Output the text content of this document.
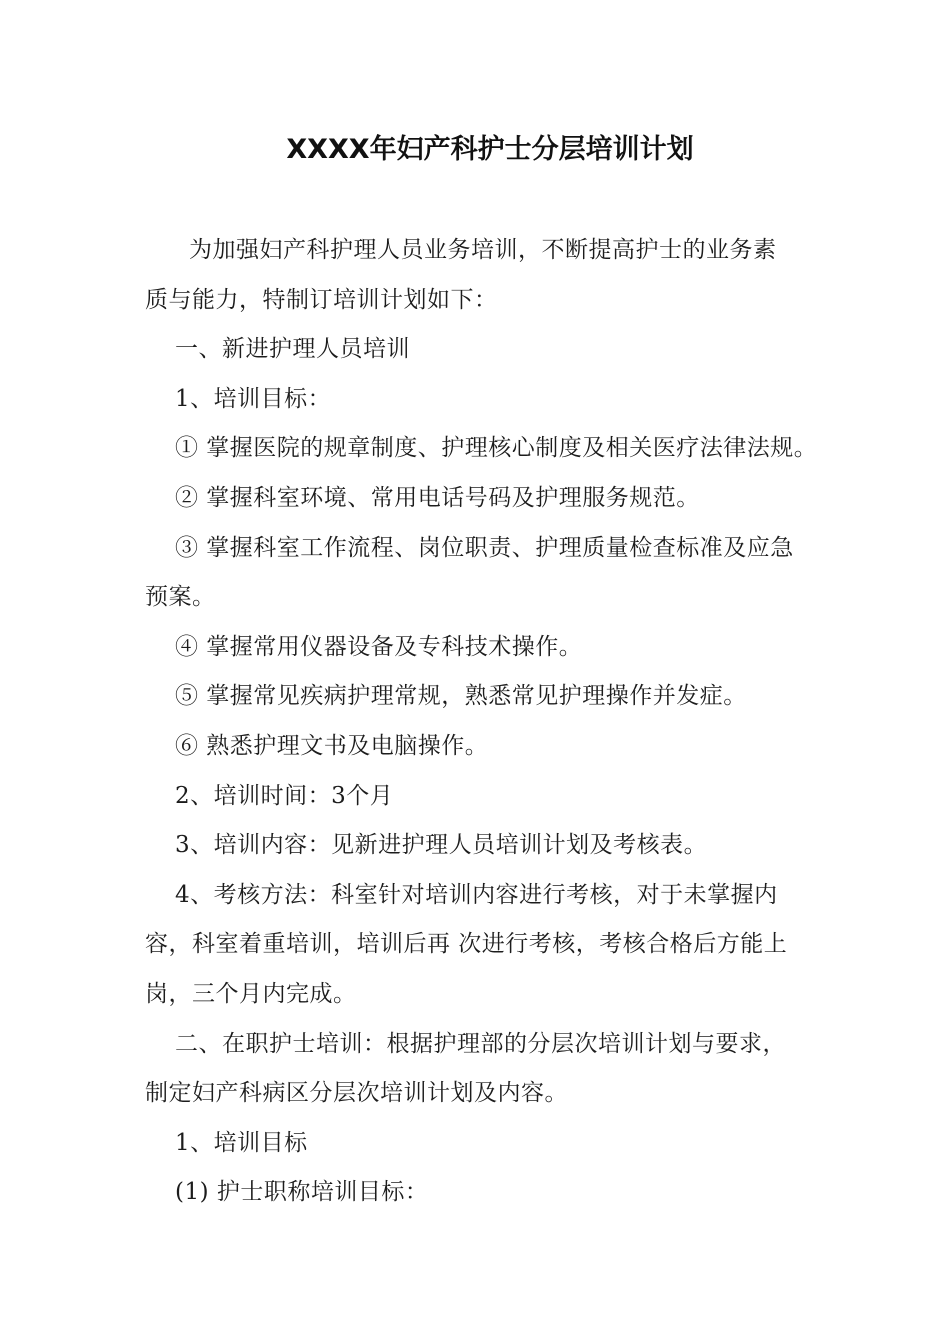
XXXX年妇产科护士分层培训计划
为加强妇产科护理人员业务培训，不断提高护士的业务素
质与能力，特制订培训计划如下：
一、新进护理人员培训
1、培训目标：
① 掌握医院的规章制度、护理核心制度及相关医疗法律法规。
② 掌握科室环境、常用电话号码及护理服务规范。
③ 掌握科室工作流程、岗位职责、护理质量检查标准及应急
预案。
④ 掌握常用仪器设备及专科技术操作。
⑤ 掌握常见疾病护理常规，熟悉常见护理操作并发症。
⑥ 熟悉护理文书及电脑操作。
2、培训时间：3个月
3、培训内容：见新进护理人员培训计划及考核表。
4、考核方法：科室针对培训内容进行考核，对于未掌握内
容，科室着重培训，培训后再 次进行考核，考核合格后方能上
岗，三个月内完成。
二、在职护士培训：根据护理部的分层次培训计划与要求，
制定妇产科病区分层次培训计划及内容。
1、培训目标
(1) 护士职称培训目标：
